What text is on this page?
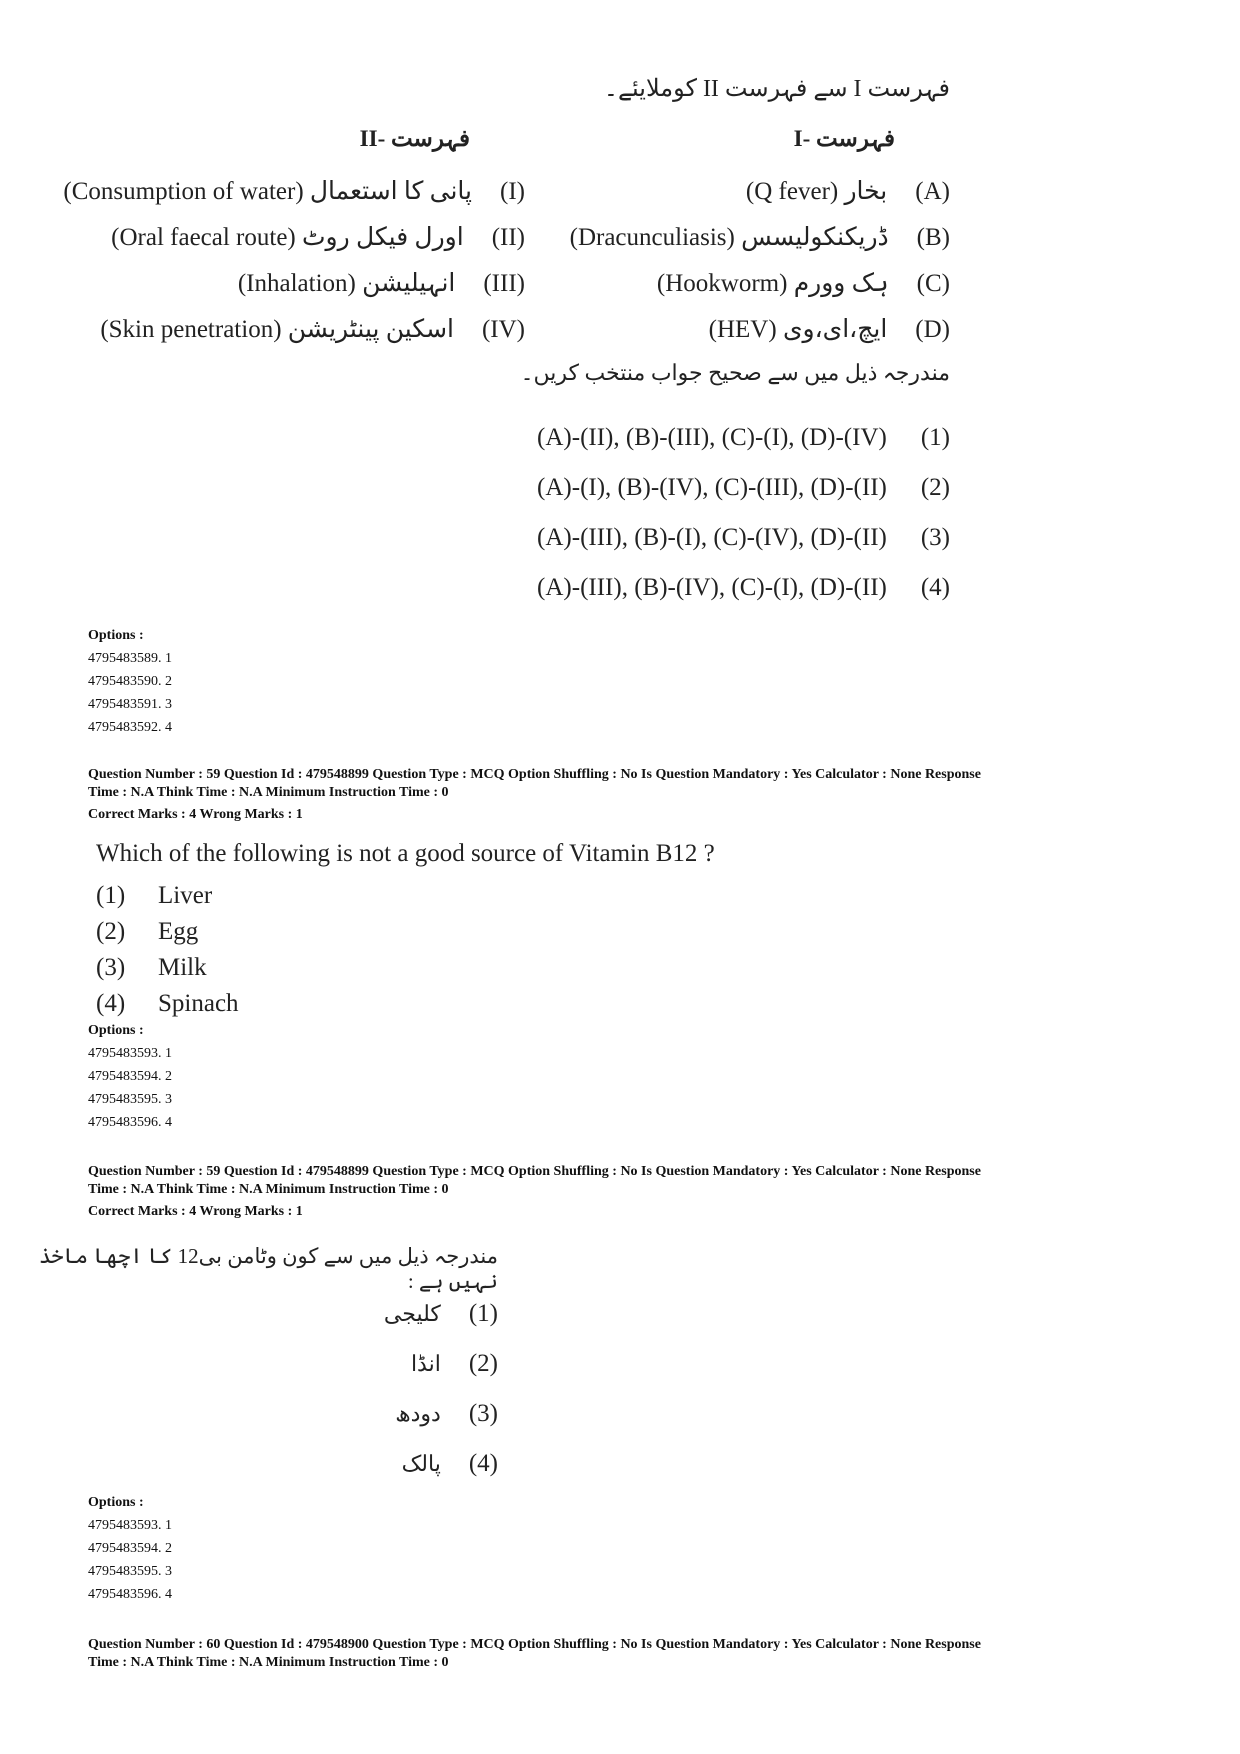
فہرست I سے فہرست II کوملایئے۔
فہرست -I
فہرست -II
(Q fever) بخار (A)
(Dracunculiasis) ڈریکنکولیسس (B)
(Hookworm) ہک وورم (C)
(HEV) ایچ،ای،وی (D)
(Consumption of water) پانی کا استعمال (I)
(Oral faecal route) اورل فیکل روٹ (II)
(Inhalation) انہیلیشن (III)
(Skin penetration) اسکین پینٹریشن (IV)
مندرجہ ذیل میں سے صحیح جواب منتخب کریں۔
(A)-(II), (B)-(III), (C)-(I), (D)-(IV) (1)
(A)-(I), (B)-(IV), (C)-(III), (D)-(II) (2)
(A)-(III), (B)-(I), (C)-(IV), (D)-(II) (3)
(A)-(III), (B)-(IV), (C)-(I), (D)-(II) (4)
Options :
4795483589. 1
4795483590. 2
4795483591. 3
4795483592. 4
Question Number : 59 Question Id : 479548899 Question Type : MCQ Option Shuffling : No Is Question Mandatory : Yes Calculator : None Response
Time : N.A Think Time : N.A Minimum Instruction Time : 0
Correct Marks : 4 Wrong Marks : 1
Which of the following is not a good source of Vitamin B12 ?
(1) Liver
(2) Egg
(3) Milk
(4) Spinach
Options :
4795483593. 1
4795483594. 2
4795483595. 3
4795483596. 4
Question Number : 59 Question Id : 479548899 Question Type : MCQ Option Shuffling : No Is Question Mandatory : Yes Calculator : None Response
Time : N.A Think Time : N.A Minimum Instruction Time : 0
Correct Marks : 4 Wrong Marks : 1
مندرجہ ذیل میں سے کون وٹامن بی12 کا اچھا ماخذ نہیں ہے :
کلیجی (1)
انڈا (2)
دودھ (3)
پالک (4)
Options :
4795483593. 1
4795483594. 2
4795483595. 3
4795483596. 4
Question Number : 60 Question Id : 479548900 Question Type : MCQ Option Shuffling : No Is Question Mandatory : Yes Calculator : None Response
Time : N.A Think Time : N.A Minimum Instruction Time : 0
